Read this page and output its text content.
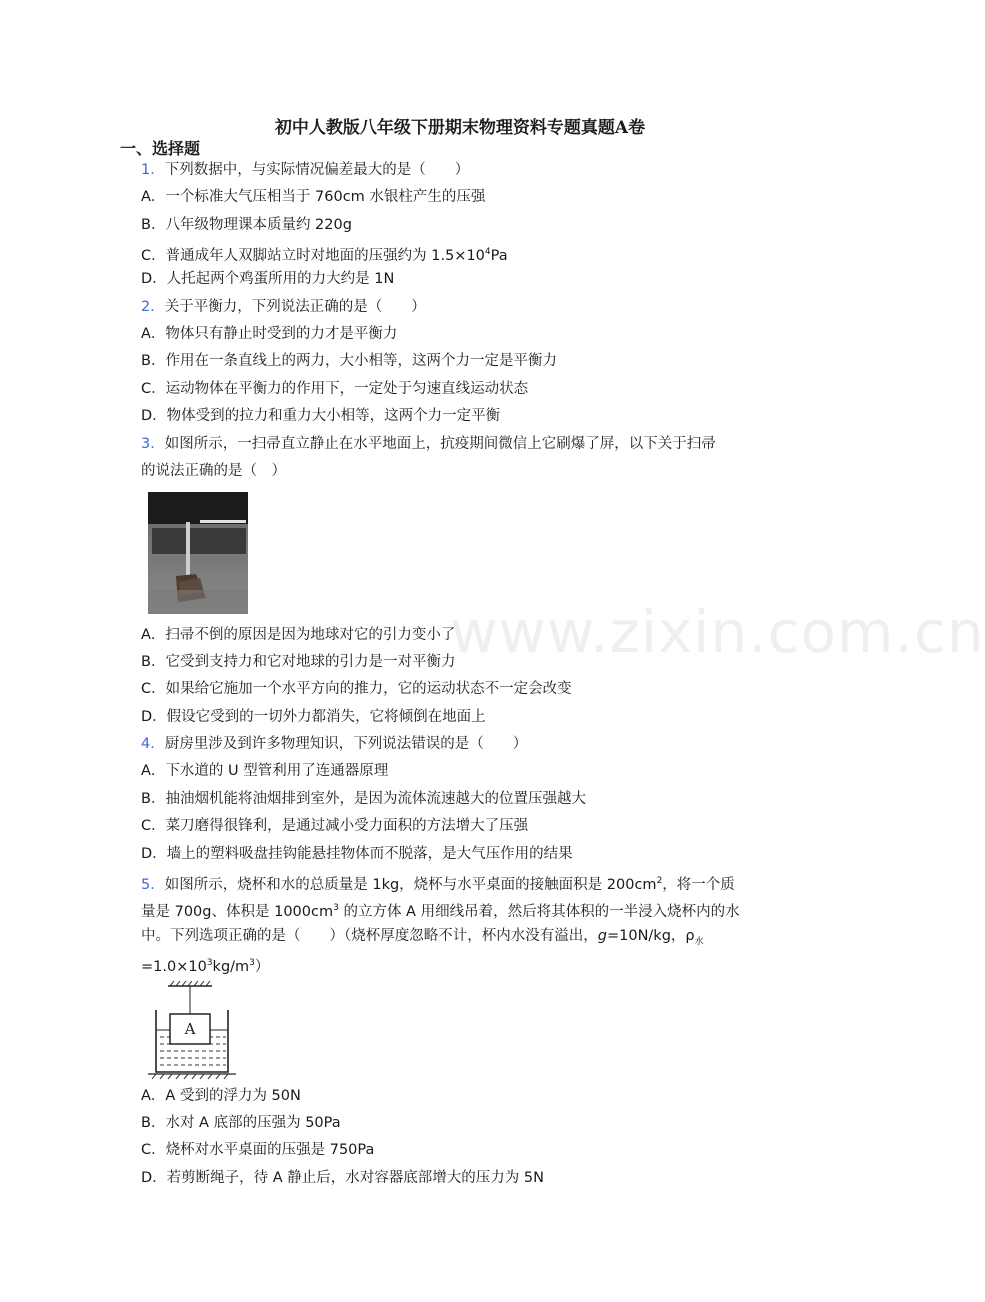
初中人教版八年级下册期末物理资料专题真题A卷
一、选择题
www.zixin.com.cn
1．下列数据中，与实际情况偏差最大的是（　　）
A．一个标准大气压相当于 760cm 水银柱产生的压强
B．八年级物理课本质量约 220g
C．普通成年人双脚站立时对地面的压强约为 $1.5\times 10^4Pa$
D．人托起两个鸡蛋所用的力大约是 1N
2．关于平衡力，下列说法正确的是（　　）
A．物体只有静止时受到的力才是平衡力
B．作用在一条直线上的两力，大小相等，这两个力一定是平衡力
C．运动物体在平衡力的作用下，一定处于匀速直线运动状态
D．物体受到的拉力和重力大小相等，这两个力一定平衡
3．如图所示，一扫帚直立静止在水平地面上，抗疫期间微信上它刷爆了屏，以下关于扫帚
的说法正确的是（　）
A．扫帚不倒的原因是因为地球对它的引力变小了
B．它受到支持力和它对地球的引力是一对平衡力
C．如果给它施加一个水平方向的推力，它的运动状态不一定会改变
D．假设它受到的一切外力都消失，它将倾倒在地面上
4．厨房里涉及到许多物理知识，下列说法错误的是（　　）
A．下水道的 U 型管利用了连通器原理
B．抽油烟机能将油烟排到室外，是因为流体流速越大的位置压强越大
C．菜刀磨得很锋利，是通过减小受力面积的方法增大了压强
D．墙上的塑料吸盘挂钩能悬挂物体而不脱落，是大气压作用的结果
5．如图所示，烧杯和水的总质量是 1kg，烧杯与水平桌面的接触面积是 $200cm^2$，将一个质
量是 700g、体积是 $1000cm^3$ 的立方体 A 用细线吊着，然后将其体积的一半浸入烧杯内的水
中。下列选项正确的是（　　）（烧杯厚度忽略不计，杯内水没有溢出，g=10N/kg，$\rho_水$
$=1.0\times 10^3kg/m^3$）
A
A．A 受到的浮力为 50N
B．水对 A 底部的压强为 50Pa
C．烧杯对水平桌面的压强是 750Pa
D．若剪断绳子，待 A 静止后，水对容器底部增大的压力为 5N
